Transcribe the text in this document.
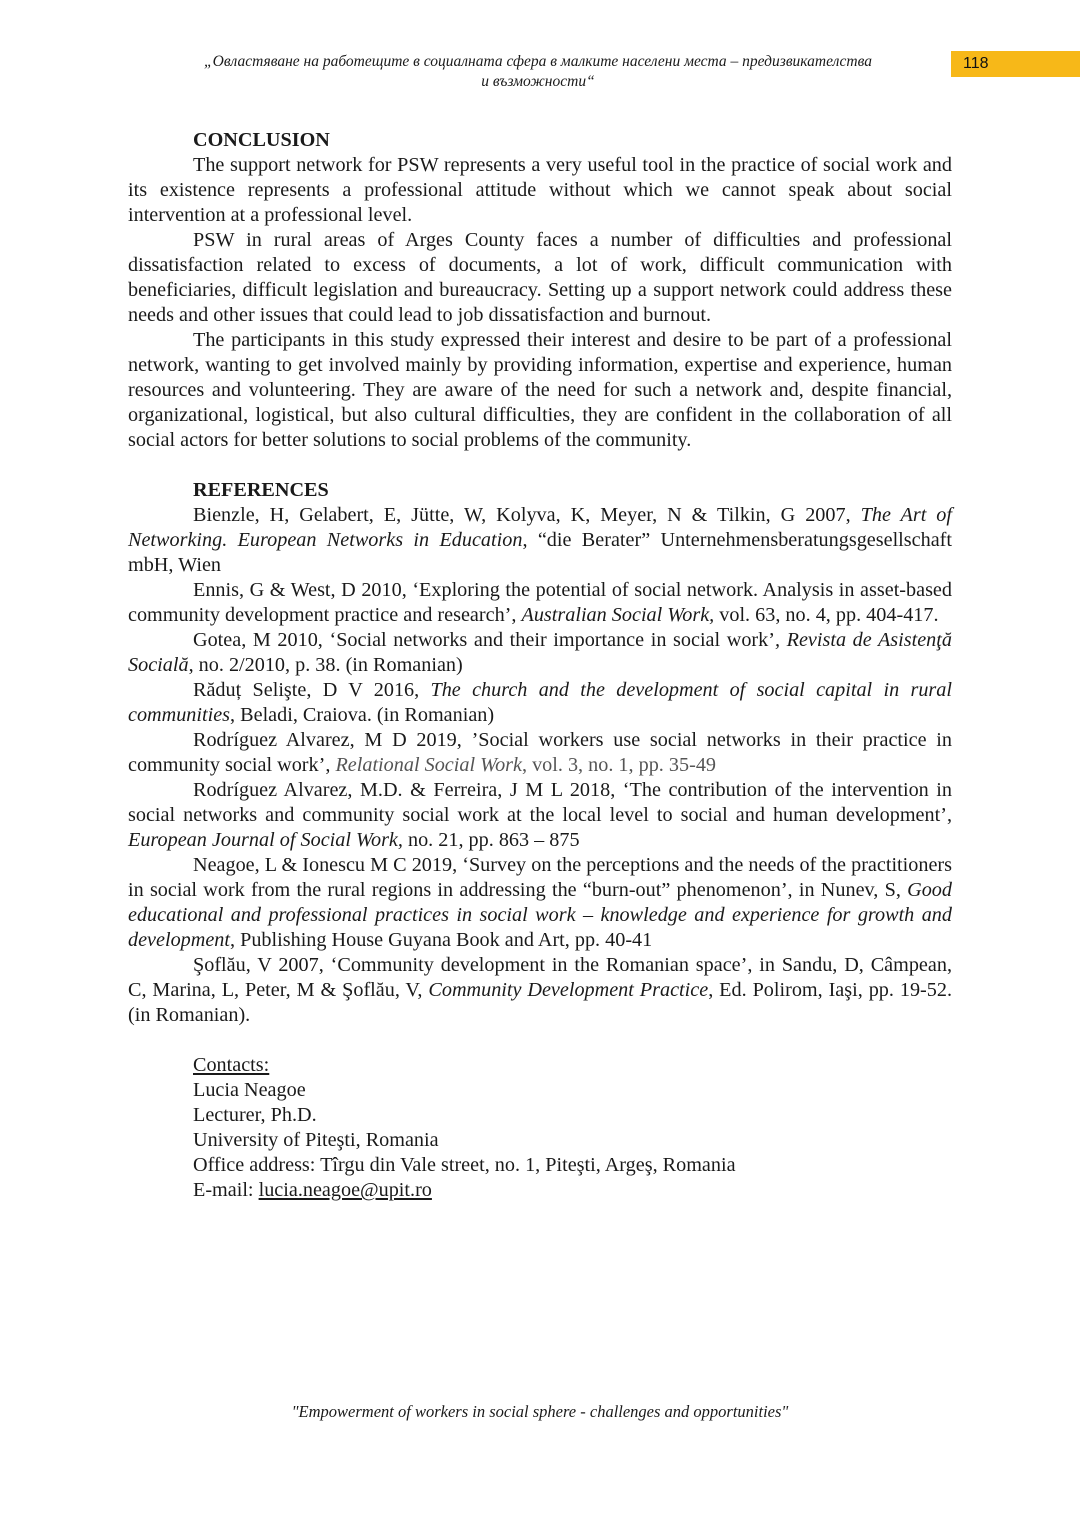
„Овластяване на работещите в социалната сфера в малките населени места – предизвикателства
и възможности“
118
CONCLUSION

The support network for PSW represents a very useful tool in the practice of social work and its existence represents a professional attitude without which we cannot speak about social intervention at a professional level.

PSW in rural areas of Arges County faces a number of difficulties and professional dissatisfaction related to excess of documents, a lot of work, difficult communication with beneficiaries, difficult legislation and bureaucracy. Setting up a support network could address these needs and other issues that could lead to job dissatisfaction and burnout.

The participants in this study expressed their interest and desire to be part of a professional network, wanting to get involved mainly by providing information, expertise and experience, human resources and volunteering. They are aware of the need for such a network and, despite financial, organizational, logistical, but also cultural difficulties, they are confident in the collaboration of all social actors for better solutions to social problems of the community.

REFERENCES

Bienzle, H, Gelabert, E, Jütte, W, Kolyva, K, Meyer, N & Tilkin, G 2007, The Art of Networking. European Networks in Education, “die Berater” Unternehmensberatungsgesellschaft mbH, Wien

Ennis, G & West, D 2010, ‘Exploring the potential of social network. Analysis in asset-based community development practice and research’, Australian Social Work, vol. 63, no. 4, pp. 404-417.

Gotea, M 2010, ‘Social networks and their importance in social work’, Revista de Asistenţă Socială, no. 2/2010, p. 38. (in Romanian)

Răduț Selişte, D V 2016, The church and the development of social capital in rural communities, Beladi, Craiova. (in Romanian)

Rodríguez Alvarez, M D 2019, ’Social workers use social networks in their practice in community social work’, Relational Social Work, vol. 3, no. 1, pp. 35-49

Rodríguez Alvarez, M.D. & Ferreira, J M L 2018, ‘The contribution of the intervention in social networks and community social work at the local level to social and human development’, European Journal of Social Work, no. 21, pp. 863 – 875

Neagoe, L & Ionescu M C 2019, ‘Survey on the perceptions and the needs of the practitioners in social work from the rural regions in addressing the “burn-out” phenomenon’, in Nunev, S, Good educational and professional practices in social work – knowledge and experience for growth and development, Publishing House Guyana Book and Art, pp. 40-41

Şoflău, V 2007, ‘Community development in the Romanian space’, in Sandu, D, Câmpean, C, Marina, L, Peter, M & Şoflău, V, Community Development Practice, Ed. Polirom, Iaşi, pp. 19-52. (in Romanian).

Contacts:
Lucia Neagoe
Lecturer, Ph.D.
University of Piteşti, Romania
Office address: Tîrgu din Vale street, no. 1, Piteşti, Argeş, Romania
E-mail: lucia.neagoe@upit.ro
"Empowerment of workers in social sphere - challenges and opportunities"
